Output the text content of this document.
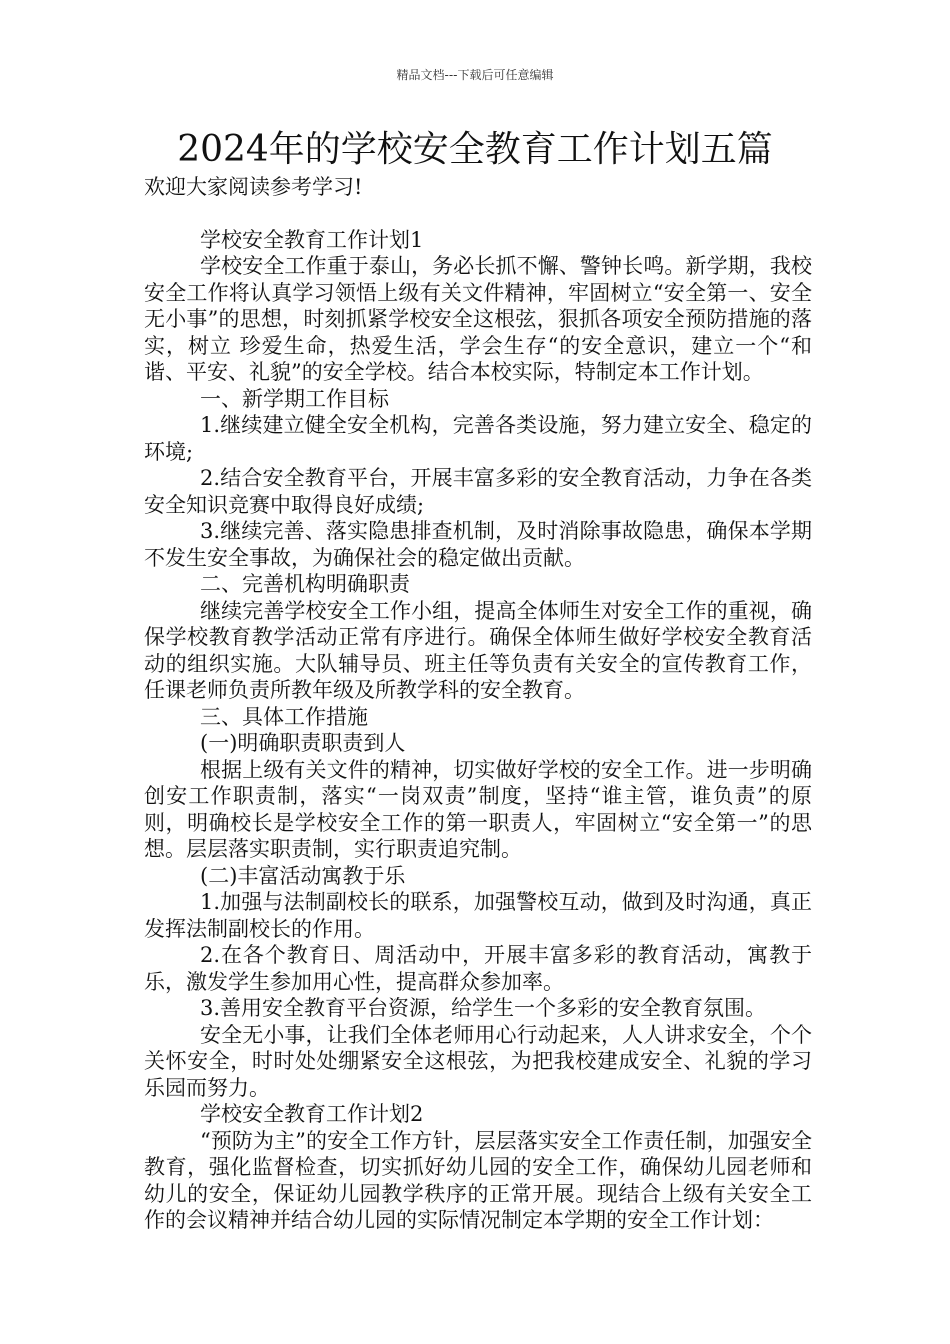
精品文档---下载后可任意编辑
2024年的学校安全教育工作计划五篇

欢迎大家阅读参考学习!

学校安全教育工作计划1

学校安全工作重于泰山，务必长抓不懈、警钟长鸣。新学期，我校安全工作将认真学习领悟上级有关文件精神，牢固树立“安全第一、安全无小事”的思想，时刻抓紧学校安全这根弦，狠抓各项安全预防措施的落实，树立 珍爱生命，热爱生活，学会生存“的安全意识，建立一个“和谐、平安、礼貌”的安全学校。结合本校实际，特制定本工作计划。

一、新学期工作目标

1.继续建立健全安全机构，完善各类设施，努力建立安全、稳定的环境;

2.结合安全教育平台，开展丰富多彩的安全教育活动，力争在各类安全知识竞赛中取得良好成绩;

3.继续完善、落实隐患排查机制，及时消除事故隐患，确保本学期不发生安全事故，为确保社会的稳定做出贡献。

二、完善机构明确职责

继续完善学校安全工作小组，提高全体师生对安全工作的重视，确保学校教育教学活动正常有序进行。确保全体师生做好学校安全教育活动的组织实施。大队辅导员、班主任等负责有关安全的宣传教育工作，任课老师负责所教年级及所教学科的安全教育。

三、具体工作措施

(一)明确职责职责到人

根据上级有关文件的精神，切实做好学校的安全工作。进一步明确创安工作职责制，落实“一岗双责”制度，坚持“谁主管，谁负责”的原则，明确校长是学校安全工作的第一职责人，牢固树立“安全第一”的思想。层层落实职责制，实行职责追究制。

(二)丰富活动寓教于乐

1.加强与法制副校长的联系，加强警校互动，做到及时沟通，真正发挥法制副校长的作用。

2.在各个教育日、周活动中，开展丰富多彩的教育活动，寓教于乐，激发学生参加用心性，提高群众参加率。

3.善用安全教育平台资源，给学生一个多彩的安全教育氛围。

安全无小事，让我们全体老师用心行动起来，人人讲求安全，个个关怀安全，时时处处绷紧安全这根弦，为把我校建成安全、礼貌的学习乐园而努力。

学校安全教育工作计划2

“预防为主”的安全工作方针，层层落实安全工作责任制，加强安全教育，强化监督检查，切实抓好幼儿园的安全工作，确保幼儿园老师和幼儿的安全，保证幼儿园教学秩序的正常开展。现结合上级有关安全工作的会议精神并结合幼儿园的实际情况制定本学期的安全工作计划：
